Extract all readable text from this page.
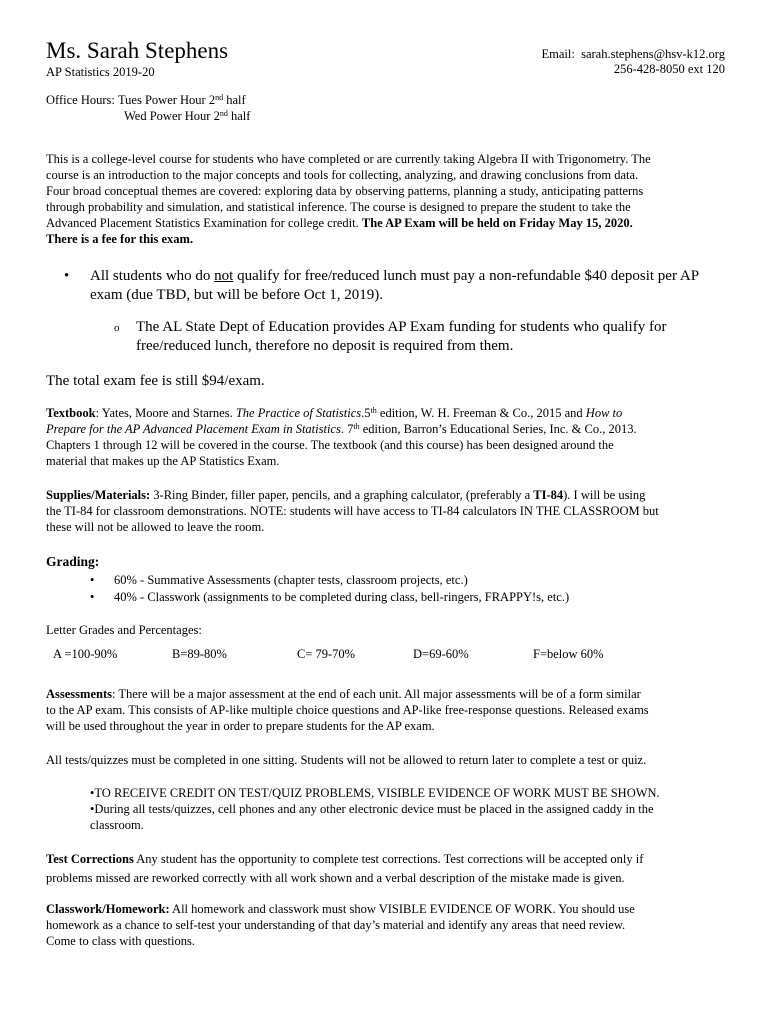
Ms. Sarah Stephens
AP Statistics 2019-20
Email: sarah.stephens@hsv-k12.org
256-428-8050 ext 120

Office Hours: Tues Power Hour 2nd half

Wed Power Hour 2nd half

This is a college-level course for students who have completed or are currently taking Algebra II with Trigonometry. The

course is an introduction to the major concepts and tools for collecting, analyzing, and drawing conclusions from data.

Four broad conceptual themes are covered: exploring data by observing patterns, planning a study, anticipating patterns

through probability and simulation, and statistical inference. The course is designed to prepare the student to take the

Advanced Placement Statistics Examination for college credit. The AP Exam will be held on Friday May 15, 2020.

There is a fee for this exam.

• All students who do not qualify for free/reduced lunch must pay a non-refundable $40 deposit per AP

exam (due TBD, but will be before Oct 1, 2019).

o The AL State Dept of Education provides AP Exam funding for students who qualify for

free/reduced lunch, therefore no deposit is required from them.

The total exam fee is still $94/exam.

Textbook: Yates, Moore and Starnes. The Practice of Statistics.5th edition, W. H. Freeman & Co., 2015 and How to

Prepare for the AP Advanced Placement Exam in Statistics. 7th edition, Barron’s Educational Series, Inc. & Co., 2013.

Chapters 1 through 12 will be covered in the course. The textbook (and this course) has been designed around the

material that makes up the AP Statistics Exam.

Supplies/Materials: 3-Ring Binder, filler paper, pencils, and a graphing calculator, (preferably a TI-84). I will be using

the TI-84 for classroom demonstrations. NOTE: students will have access to TI-84 calculators IN THE CLASSROOM but

these will not be allowed to leave the room.

Grading:

• 60% - Summative Assessments (chapter tests, classroom projects, etc.)
• 40% - Classwork (assignments to be completed during class, bell-ringers, FRAPPY!s, etc.)
Letter Grades and Percentages:
A =100-90%	B=89-80%	C= 79-70%	D=69-60%	F=below 60%

Assessments: There will be a major assessment at the end of each unit. All major assessments will be of a form similar

to the AP exam. This consists of AP-like multiple choice questions and AP-like free-response questions. Released exams

will be used throughout the year in order to prepare students for the AP exam.

All tests/quizzes must be completed in one sitting. Students will not be allowed to return later to complete a test or quiz.

•TO RECEIVE CREDIT ON TEST/QUIZ PROBLEMS, VISIBLE EVIDENCE OF WORK MUST BE SHOWN.

•During all tests/quizzes, cell phones and any other electronic device must be placed in the assigned caddy in the

classroom.

Test Corrections Any student has the opportunity to complete test corrections. Test corrections will be accepted only if

problems missed are reworked correctly with all work shown and a verbal description of the mistake made is given.

Classwork/Homework: All homework and classwork must show VISIBLE EVIDENCE OF WORK. You should use

homework as a chance to self-test your understanding of that day’s material and identify any areas that need review.

Come to class with questions.
